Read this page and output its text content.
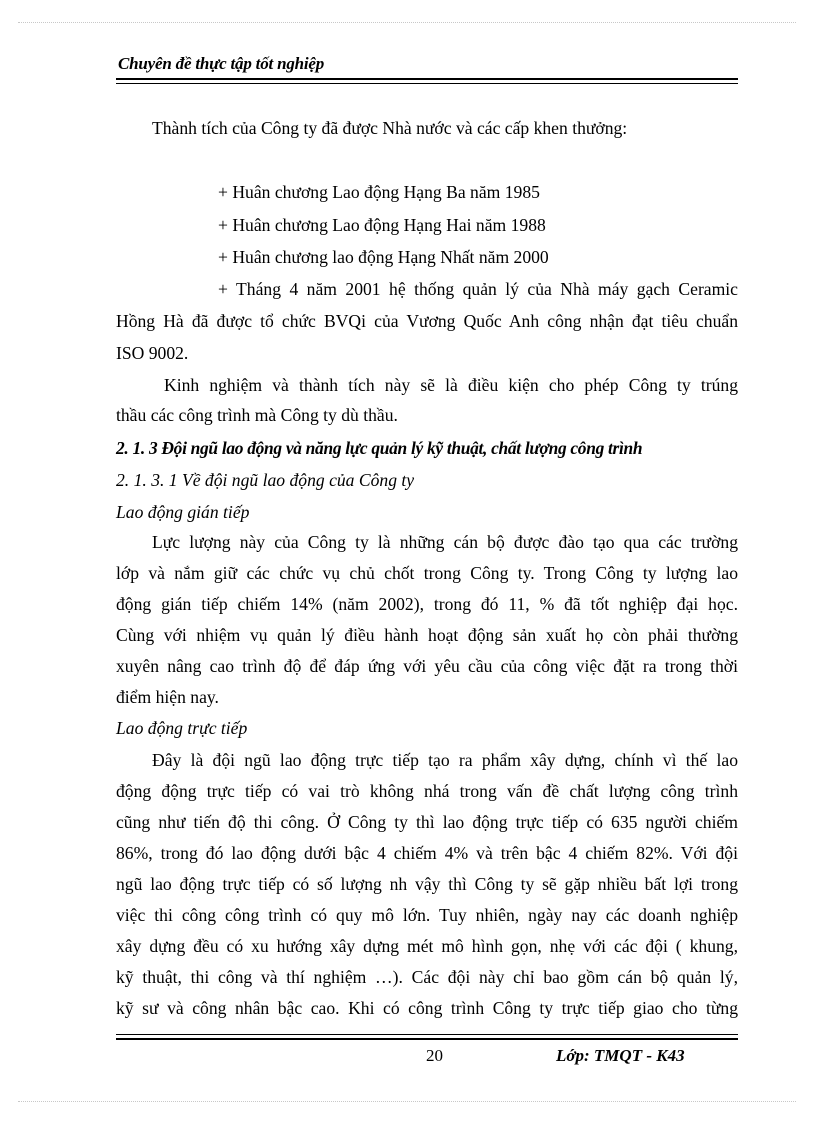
Chuyên đề thực tập tốt nghiệp
Thành tích của Công ty đã được Nhà nước và các cấp khen thưởng:
+ Huân chương Lao động Hạng Ba năm 1985
+ Huân chương Lao động Hạng Hai năm 1988
+ Huân chương lao động Hạng Nhất năm 2000
+ Tháng 4 năm 2001 hệ thống quản lý của Nhà máy gạch Ceramic
Hồng Hà đã được tổ chức BVQi của Vương Quốc Anh công nhận đạt tiêu chuẩn
ISO 9002.
Kinh nghiệm và thành tích này sẽ là điều kiện cho phép Công ty trúng
thầu các công trình mà Công ty dù thầu.
2. 1. 3 Đội ngũ lao động và năng lực quản lý kỹ thuật, chất lượng công trình
2. 1. 3. 1 Về đội ngũ lao động của Công ty
Lao động gián tiếp
Lực lượng này của Công ty là những cán bộ được đào tạo qua các trường
lớp và nắm giữ các chức vụ chủ chốt trong Công ty. Trong Công ty lượng lao
động gián tiếp chiếm 14% (năm 2002), trong đó 11, % đã tốt nghiệp đại học.
Cùng với nhiệm vụ quản lý điều hành hoạt động sản xuất họ còn phải thường
xuyên nâng cao trình độ để đáp ứng với yêu cầu của công việc đặt ra trong thời
điểm hiện nay.
Lao động trực tiếp
Đây là đội ngũ lao động trực tiếp tạo ra phẩm xây dựng, chính vì thế lao
động động trực tiếp có vai trò không nhá trong vấn đề chất lượng công trình
cũng như tiến độ thi công. Ở Công ty thì lao động trực tiếp có 635 người chiếm
86%, trong đó lao động dưới bậc 4 chiếm 4% và trên bậc 4 chiếm 82%. Với đội
ngũ lao động trực tiếp có số lượng nh vậy thì Công ty sẽ gặp nhiều bất lợi trong
việc thi công công trình có quy mô lớn. Tuy nhiên, ngày nay các doanh nghiệp
xây dựng đều có xu hướng xây dựng mét mô hình gọn, nhẹ với các đội ( khung,
kỹ thuật, thi công và thí nghiệm …). Các đội này chỉ bao gồm cán bộ quản lý,
kỹ sư và công nhân bậc cao. Khi có công trình Công ty trực tiếp giao cho từng
20	Lớp: TMQT - K43
